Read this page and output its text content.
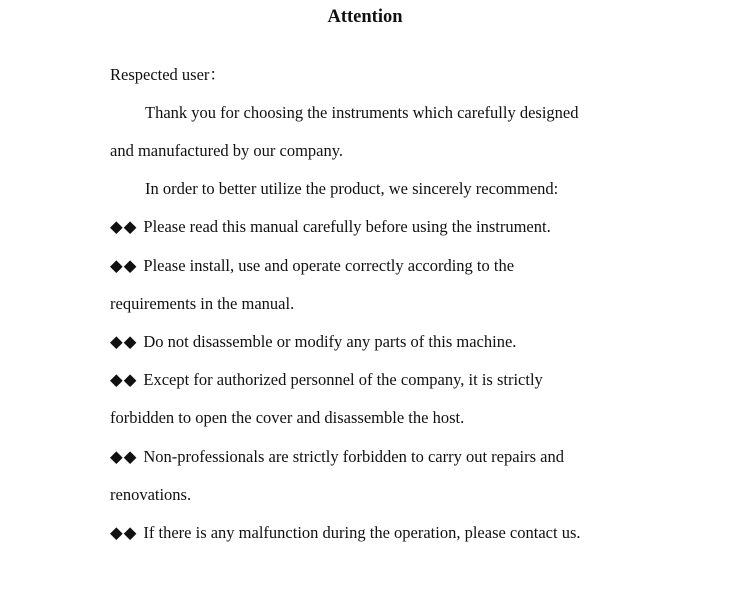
Attention
Respected user：
Thank you for choosing the instruments which carefully designed
and manufactured by our company.
In order to better utilize the product, we sincerely recommend:
◆◆ Please read this manual carefully before using the instrument.
◆◆ Please install, use and operate correctly according to the
requirements in the manual.
◆◆ Do not disassemble or modify any parts of this machine.
◆◆ Except for authorized personnel of the company, it is strictly
forbidden to open the cover and disassemble the host.
◆◆ Non-professionals are strictly forbidden to carry out repairs and
renovations.
◆◆ If there is any malfunction during the operation, please contact us.
